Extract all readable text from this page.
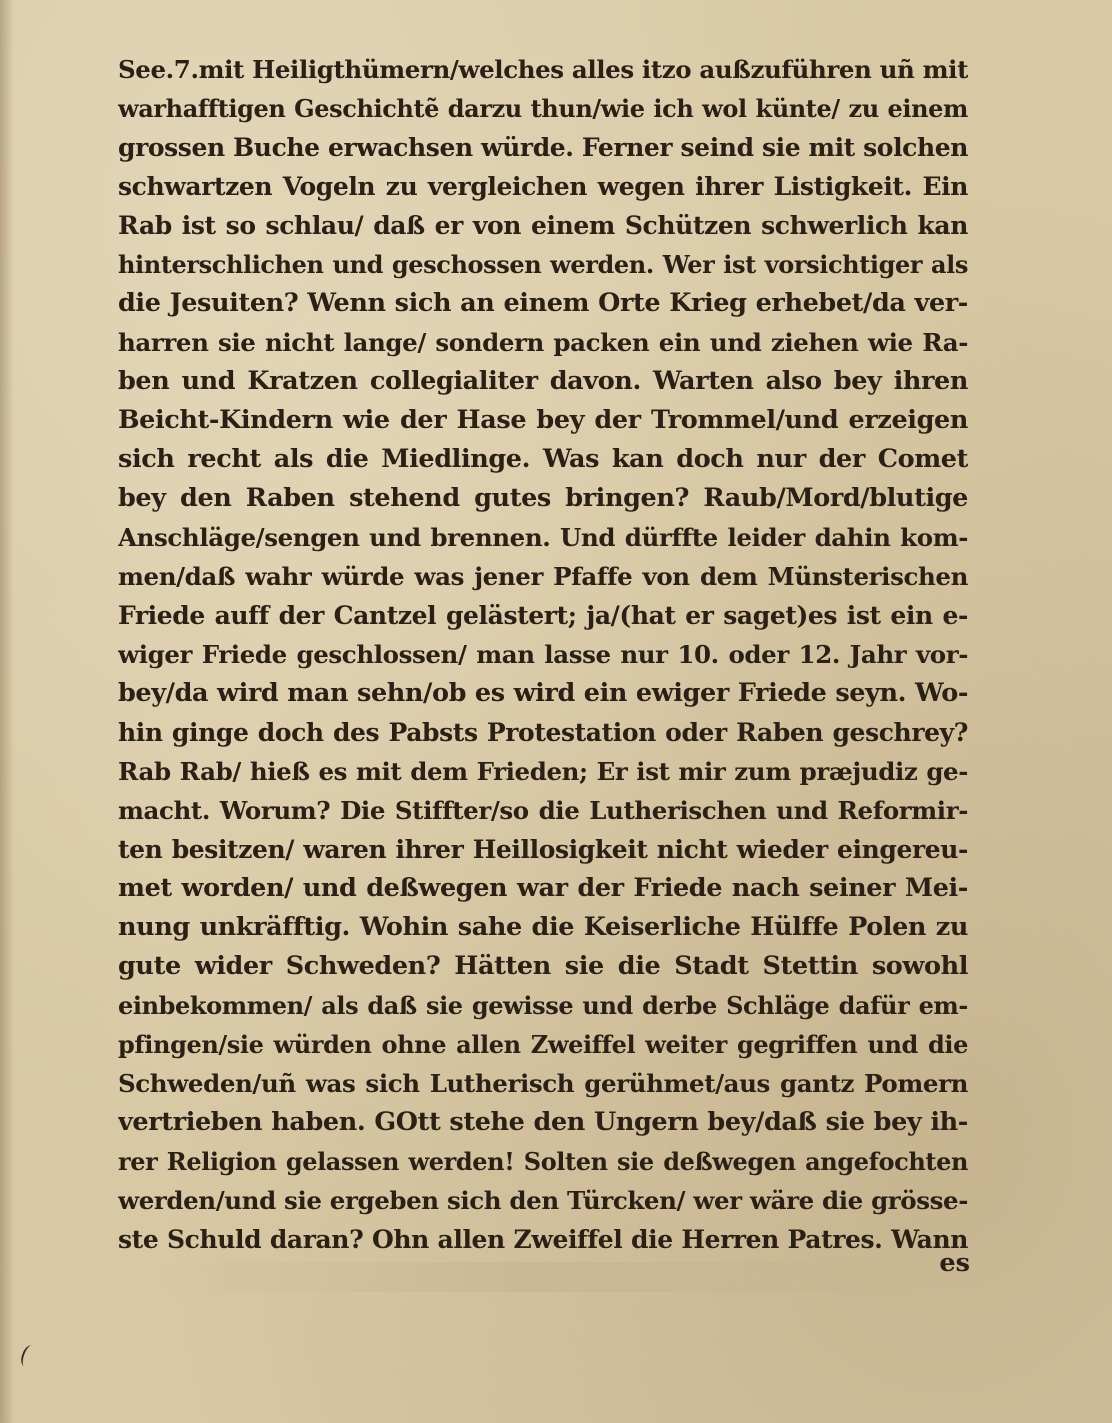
See.7.mit Heiligthümern/welches alles itzo außzuführen uñ mit
warhafftigen Geschichtẽ darzu thun/wie ich wol künte/ zu einem
grossen Buche erwachsen würde. Ferner seind sie mit solchen
schwartzen Vogeln zu vergleichen wegen ihrer Listigkeit. Ein
Rab ist so schlau/ daß er von einem Schützen schwerlich kan
hinterschlichen und geschossen werden. Wer ist vorsichtiger als
die Jesuiten? Wenn sich an einem Orte Krieg erhebet/da ver-
harren sie nicht lange/ sondern packen ein und ziehen wie Ra-
ben und Kratzen collegialiter davon. Warten also bey ihren
Beicht-Kindern wie der Hase bey der Trommel/und erzeigen
sich recht als die Miedlinge. Was kan doch nur der Comet
bey den Raben stehend gutes bringen? Raub/Mord/blutige
Anschläge/sengen und brennen. Und dürffte leider dahin kom-
men/daß wahr würde was jener Pfaffe von dem Münsterischen
Friede auff der Cantzel gelästert; ja/(hat er saget)es ist ein e-
wiger Friede geschlossen/ man lasse nur 10. oder 12. Jahr vor-
bey/da wird man sehn/ob es wird ein ewiger Friede seyn. Wo-
hin ginge doch des Pabsts Protestation oder Raben geschrey?
Rab Rab/ hieß es mit dem Frieden; Er ist mir zum præjudiz ge-
macht. Worum? Die Stiffter/so die Lutherischen und Reformir-
ten besitzen/ waren ihrer Heillosigkeit nicht wieder eingereu-
met worden/ und deßwegen war der Friede nach seiner Mei-
nung unkräfftig. Wohin sahe die Keiserliche Hülffe Polen zu
gute wider Schweden? Hätten sie die Stadt Stettin sowohl
einbekommen/ als daß sie gewisse und derbe Schläge dafür em-
pfingen/sie würden ohne allen Zweiffel weiter gegriffen und die
Schweden/uñ was sich Lutherisch gerühmet/aus gantz Pomern
vertrieben haben. GOtt stehe den Ungern bey/daß sie bey ih-
rer Religion gelassen werden! Solten sie deßwegen angefochten
werden/und sie ergeben sich den Türcken/ wer wäre die grösse-
ste Schuld daran? Ohn allen Zweiffel die Herren Patres. Wann
es
